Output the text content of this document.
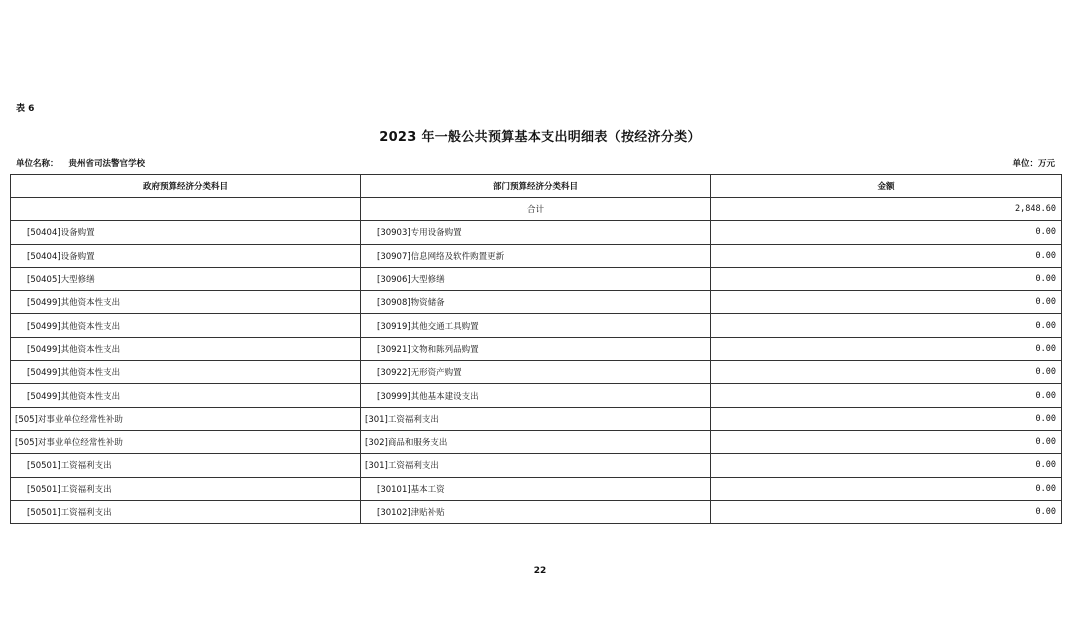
表 6
2023 年一般公共预算基本支出明细表（按经济分类）
单位名称： 贵州省司法警官学校	单位：万元
政府预算经济分类科目	部门预算经济分类科目	金额
	合计	2,848.60
[50404]设备购置	[30903]专用设备购置	0.00
[50404]设备购置	[30907]信息网络及软件购置更新	0.00
[50405]大型修缮	[30906]大型修缮	0.00
[50499]其他资本性支出	[30908]物资储备	0.00
[50499]其他资本性支出	[30919]其他交通工具购置	0.00
[50499]其他资本性支出	[30921]文物和陈列品购置	0.00
[50499]其他资本性支出	[30922]无形资产购置	0.00
[50499]其他资本性支出	[30999]其他基本建设支出	0.00
[505]对事业单位经常性补助	[301]工资福利支出	0.00
[505]对事业单位经常性补助	[302]商品和服务支出	0.00
[50501]工资福利支出	[301]工资福利支出	0.00
[50501]工资福利支出	[30101]基本工资	0.00
[50501]工资福利支出	[30102]津贴补贴	0.00
22
